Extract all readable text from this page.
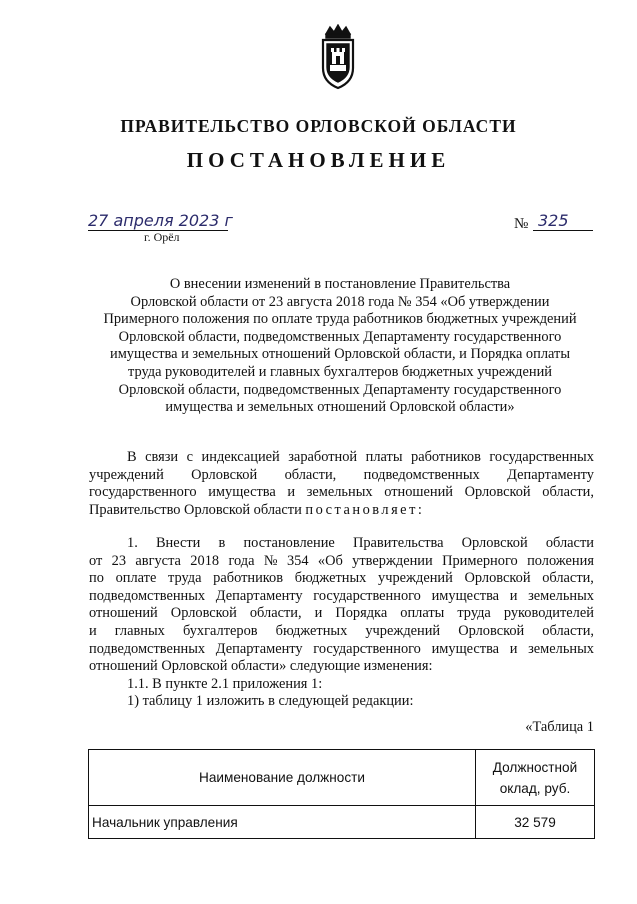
ПРАВИТЕЛЬСТВО ОРЛОВСКОЙ ОБЛАСТИ
ПОСТАНОВЛЕНИЕ
27 апреля 2023 г
г. Орёл
№ 325
О внесении изменений в постановление Правительства
Орловской области от 23 августа 2018 года № 354 «Об утверждении
Примерного положения по оплате труда работников бюджетных учреждений
Орловской области, подведомственных Департаменту государственного
имущества и земельных отношений Орловской области, и Порядка оплаты
труда руководителей и главных бухгалтеров бюджетных учреждений
Орловской области, подведомственных Департаменту государственного
имущества и земельных отношений Орловской области»
В связи с индексацией заработной платы работников государственных
учреждений Орловской области, подведомственных Департаменту
государственного имущества и земельных отношений Орловской области,
Правительство Орловской области постановляет:
1. Внести в постановление Правительства Орловской области
от 23 августа 2018 года № 354 «Об утверждении Примерного положения
по оплате труда работников бюджетных учреждений Орловской области,
подведомственных Департаменту государственного имущества и земельных
отношений Орловской области, и Порядка оплаты труда руководителей
и главных бухгалтеров бюджетных учреждений Орловской области,
подведомственных Департаменту государственного имущества и земельных
отношений Орловской области» следующие изменения:
1.1. В пункте 2.1 приложения 1:
1) таблицу 1 изложить в следующей редакции:
«Таблица 1
Наименование должности	Должностной оклад, руб.

Начальник управления	32 579
